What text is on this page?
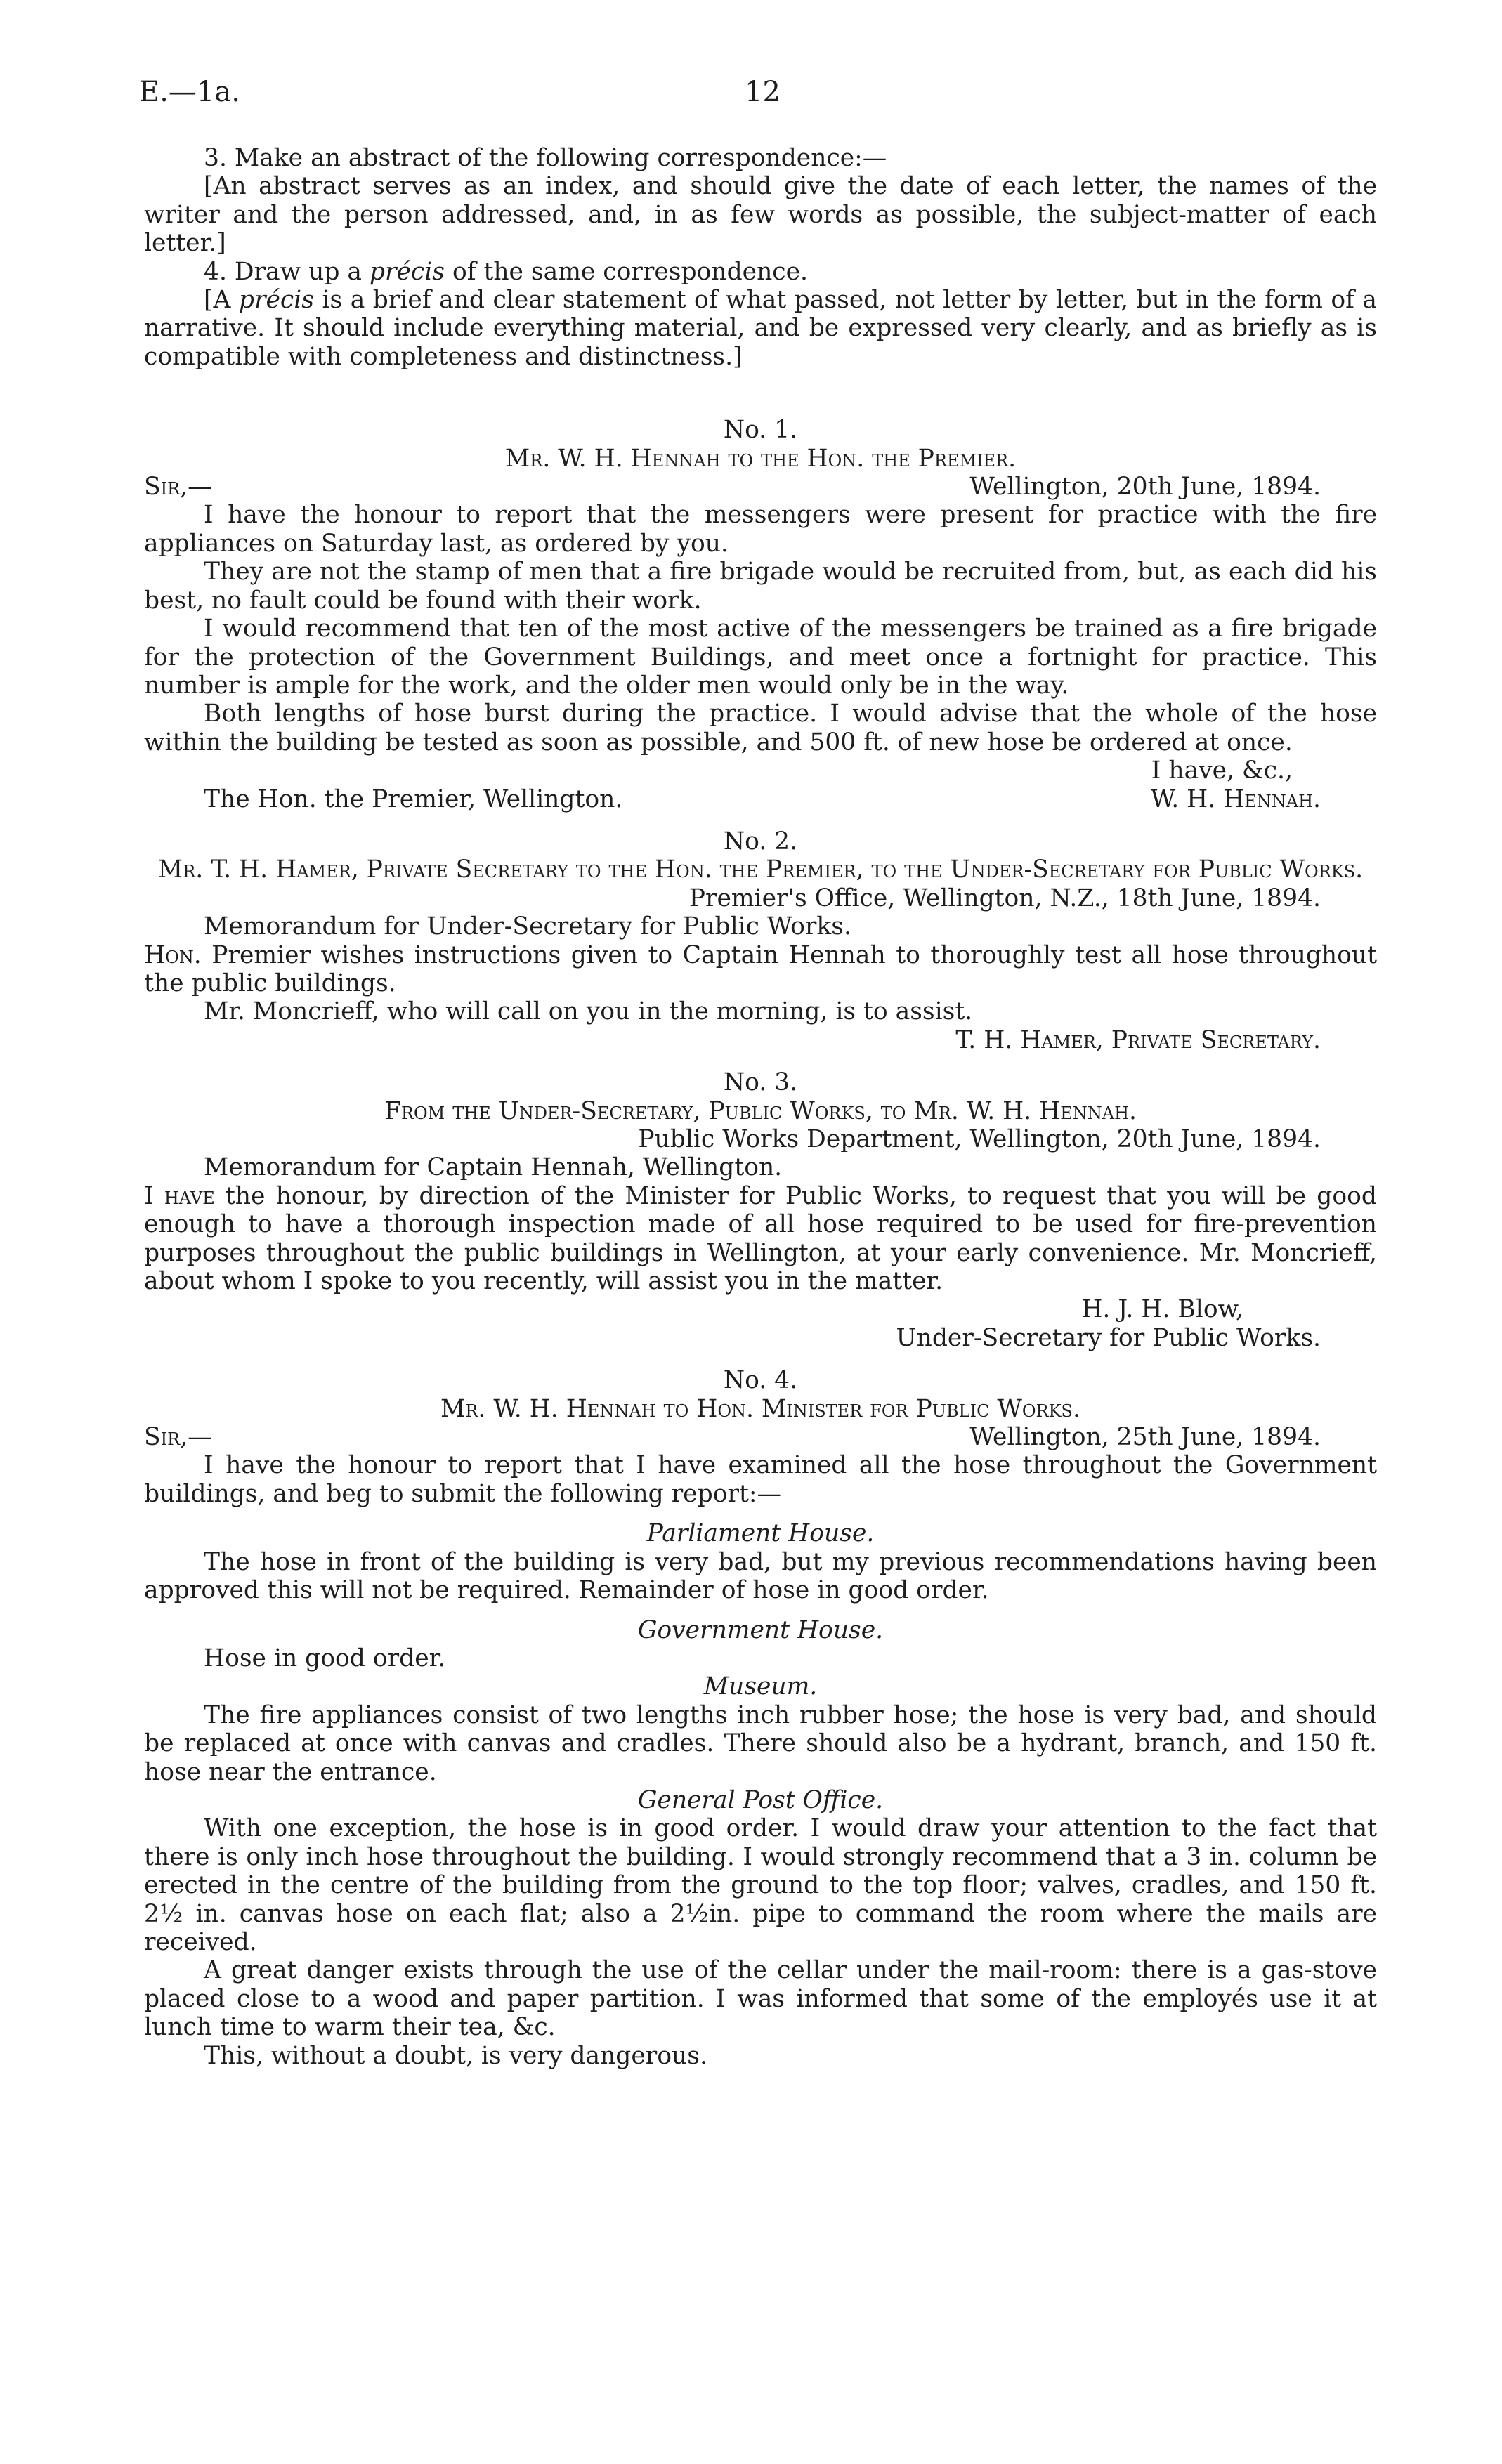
E.—1a.	12

3. Make an abstract of the following correspondence:—

[An abstract serves as an index, and should give the date of each letter, the names of the writer and the person addressed, and, in as few words as possible, the subject-matter of each letter.]

4. Draw up a précis of the same correspondence.

[A précis is a brief and clear statement of what passed, not letter by letter, but in the form of a narrative. It should include everything material, and be expressed very clearly, and as briefly as is compatible with completeness and distinctness.]

No. 1.

Mr. W. H. Hennah to the Hon. the Premier.

Sir,—	Wellington, 20th June, 1894.

I have the honour to report that the messengers were present for practice with the fire appliances on Saturday last, as ordered by you.

They are not the stamp of men that a fire brigade would be recruited from, but, as each did his best, no fault could be found with their work.

I would recommend that ten of the most active of the messengers be trained as a fire brigade for the protection of the Government Buildings, and meet once a fortnight for practice. This number is ample for the work, and the older men would only be in the way.

Both lengths of hose burst during the practice. I would advise that the whole of the hose within the building be tested as soon as possible, and 500 ft. of new hose be ordered at once.

I have, &c.,

The Hon. the Premier, Wellington.	W. H. Hennah.

No. 2.

Mr. T. H. Hamer, Private Secretary to the Hon. the Premier, to the Under-Secretary for Public Works.

Premier's Office, Wellington, N.Z., 18th June, 1894.

Memorandum for Under-Secretary for Public Works.

Hon. Premier wishes instructions given to Captain Hennah to thoroughly test all hose throughout the public buildings.

Mr. Moncrieff, who will call on you in the morning, is to assist.

T. H. Hamer, Private Secretary.

No. 3.

From the Under-Secretary, Public Works, to Mr. W. H. Hennah.

Public Works Department, Wellington, 20th June, 1894.

Memorandum for Captain Hennah, Wellington.

I have the honour, by direction of the Minister for Public Works, to request that you will be good enough to have a thorough inspection made of all hose required to be used for fire-prevention purposes throughout the public buildings in Wellington, at your early convenience. Mr. Moncrieff, about whom I spoke to you recently, will assist you in the matter.

H. J. H. Blow,

Under-Secretary for Public Works.

No. 4.

Mr. W. H. Hennah to Hon. Minister for Public Works.

Sir,—	Wellington, 25th June, 1894.

I have the honour to report that I have examined all the hose throughout the Government buildings, and beg to submit the following report:—

Parliament House.

The hose in front of the building is very bad, but my previous recommendations having been approved this will not be required. Remainder of hose in good order.

Government House.

Hose in good order.

Museum.

The fire appliances consist of two lengths inch rubber hose; the hose is very bad, and should be replaced at once with canvas and cradles. There should also be a hydrant, branch, and 150 ft. hose near the entrance.

General Post Office.

With one exception, the hose is in good order. I would draw your attention to the fact that there is only inch hose throughout the building. I would strongly recommend that a 3 in. column be erected in the centre of the building from the ground to the top floor; valves, cradles, and 150 ft. 2½ in. canvas hose on each flat; also a 2½in. pipe to command the room where the mails are received.

A great danger exists through the use of the cellar under the mail-room: there is a gas-stove placed close to a wood and paper partition. I was informed that some of the employés use it at lunch time to warm their tea, &c.

This, without a doubt, is very dangerous.
